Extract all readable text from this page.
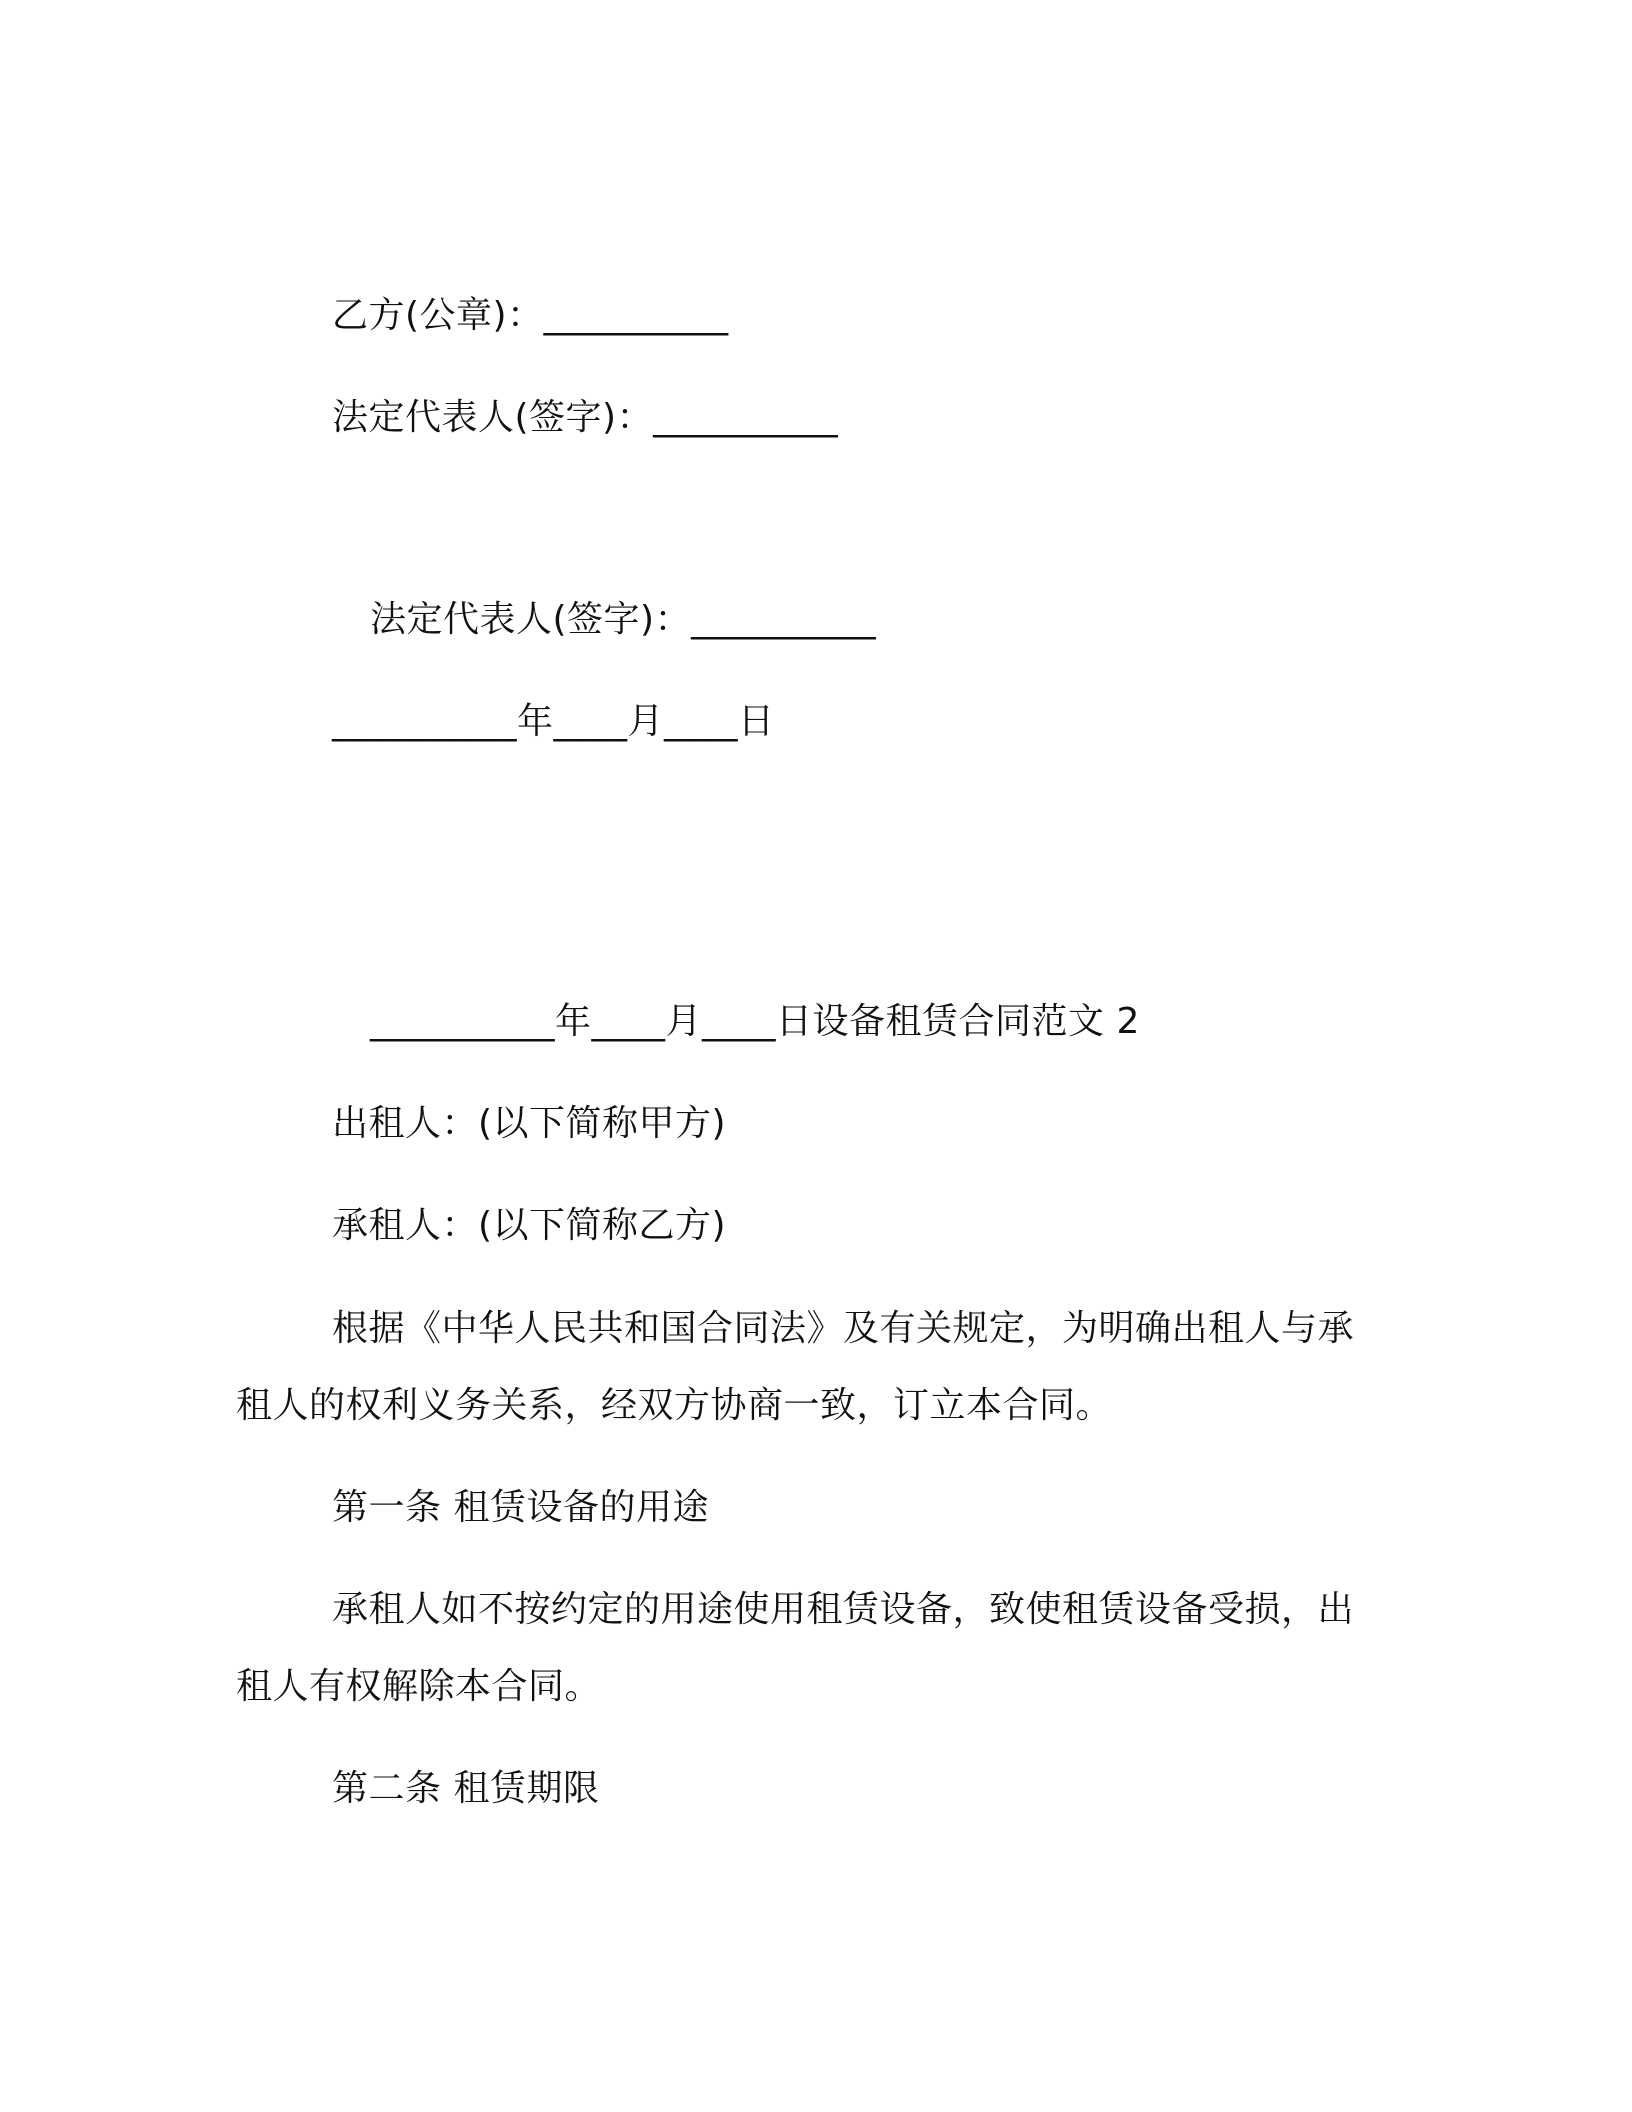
乙方(公章)：__________
法定代表人(签字)：__________
法定代表人(签字)：__________
__________年____月____日
__________年____月____日设备租赁合同范文 2
出租人：(以下简称甲方)
承租人：(以下简称乙方)
根据《中华人民共和国合同法》及有关规定，为明确出租人与承
租人的权利义务关系，经双方协商一致，订立本合同。
第一条 租赁设备的用途
承租人如不按约定的用途使用租赁设备，致使租赁设备受损，出
租人有权解除本合同。
第二条 租赁期限
